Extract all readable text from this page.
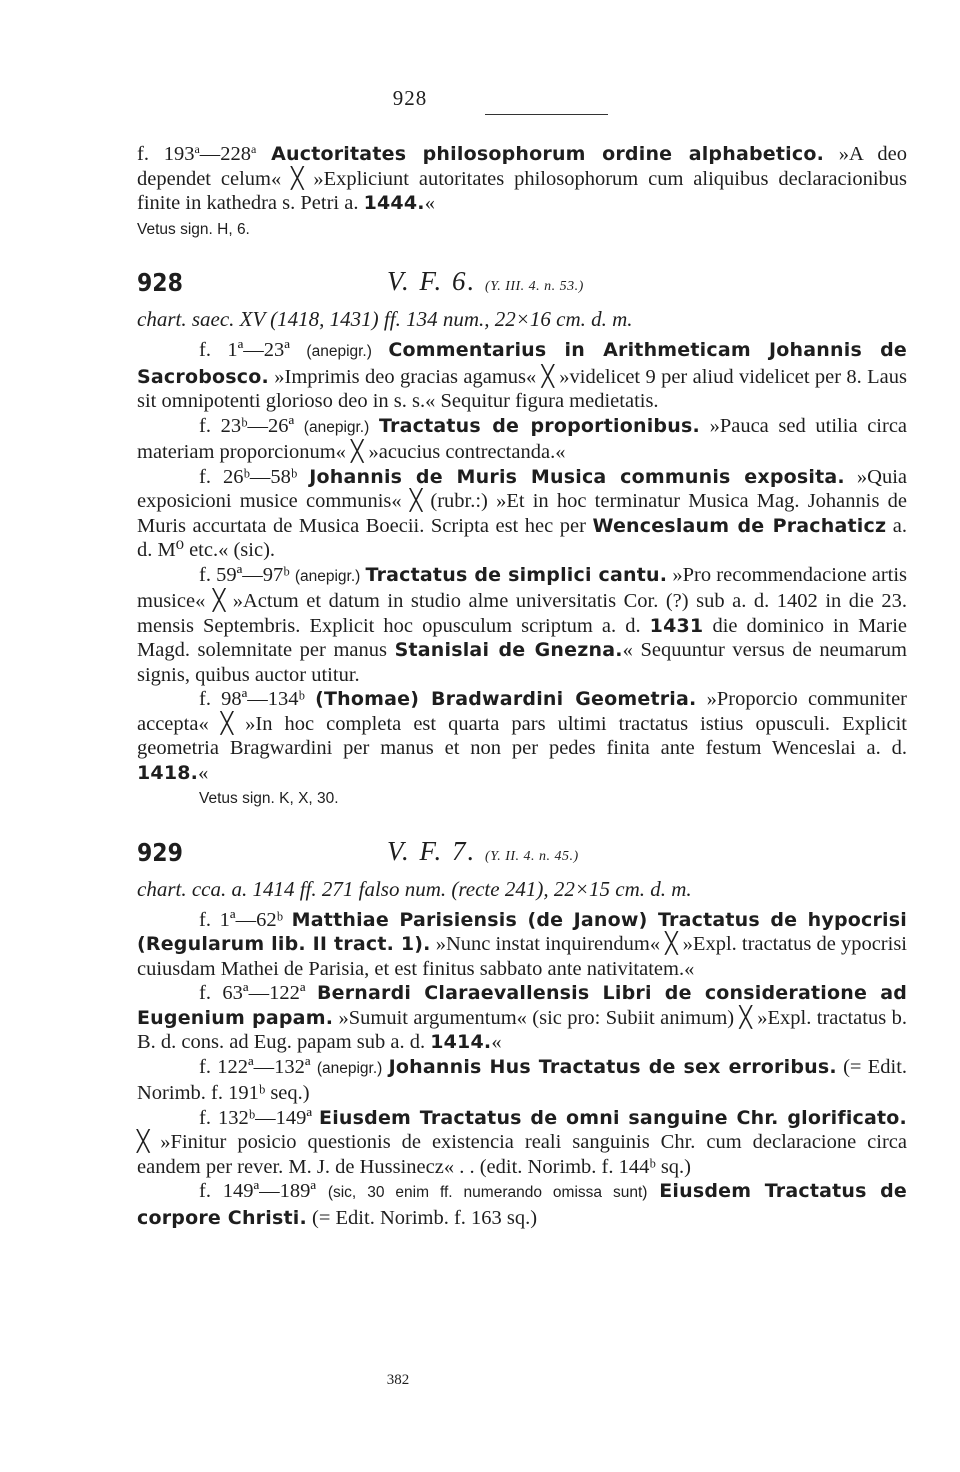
928

f. 193$^a$—228$^a$ Auctoritates philosophorum ordine alphabetico. »A deo dependet celum« ╳ »Expliciunt autoritates philosophorum cum aliquibus declaracionibus finite in kathedra s. Petri a. 1444.«

Vetus sign. H, 6.

928	V. F. 6. (Y. III. 4. n. 53.)

chart. saec. XV (1418, 1431) ff. 134 num., 22×16 cm. d. m.

f. 1ª—23ª (anepigr.) Commentarius in Arithmeticam Johannis de Sacrobosco. »Imprimis deo gracias agamus« ╳ »videlicet 9 per aliud videlicet per 8. Laus sit omnipotenti glorioso deo in s. s.« Sequitur figura medietatis.

f. 23ᵇ—26ª (anepigr.) Tractatus de proportionibus. »Pauca sed utilia circa materiam proporcionum« ╳ »acucius contrectanda.«

f. 26ᵇ—58ᵇ Johannis de Muris Musica communis exposita. »Quia exposicioni musice communis« ╳ (rubr.:) »Et in hoc terminatur Musica Mag. Johannis de Muris accurtata de Musica Boecii. Scripta est hec per Wenceslaum de Prachaticz a. d. M⁰ etc.« (sic).

f. 59ª—97ᵇ (anepigr.) Tractatus de simplici cantu. »Pro recommendacione artis musice« ╳ »Actum et datum in studio alme universitatis Cor. (?) sub a. d. 1402 in die 23. mensis Septembris. Explicit hoc opusculum scriptum a. d. 1431 die dominico in Marie Magd. solemnitate per manus Stanislai de Gnezna.« Sequuntur versus de neumarum signis, quibus auctor utitur.

f. 98ª—134ᵇ (Thomae) Bradwardini Geometria. »Proporcio communiter accepta« ╳ »In hoc completa est quarta pars ultimi tractatus istius opusculi. Explicit geometria Bragwardini per manus et non per pedes finita ante festum Wenceslai a. d. 1418.«

Vetus sign. K, X, 30.

929	V. F. 7. (Y. II. 4. n. 45.)

chart. cca. a. 1414 ff. 271 falso num. (recte 241), 22×15 cm. d. m.

f. 1ª—62ᵇ Matthiae Parisiensis (de Janow) Tractatus de hypocrisi (Regularum lib. II tract. 1). »Nunc instat inquirendum« ╳ »Expl. tractatus de ypocrisi cuiusdam Mathei de Parisia, et est finitus sabbato ante nativitatem.«

f. 63ª—122ª Bernardi Claraevallensis Libri de consideratione ad Eugenium papam. »Sumuit argumentum« (sic pro: Subiit animum) ╳ »Expl. tractatus b. B. d. cons. ad Eug. papam sub a. d. 1414.«

f. 122ª—132ª (anepigr.) Johannis Hus Tractatus de sex erroribus. (= Edit. Norimb. f. 191ᵇ seq.)

f. 132ᵇ—149ª Eiusdem Tractatus de omni sanguine Chr. glorificato. ╳ »Finitur posicio questionis de existencia reali sanguinis Chr. cum declaracione circa eandem per rever. M. J. de Hussinecz« . . (edit. Norimb. f. 144ᵇ sq.)

f. 149ª—189ª (sic, 30 enim ff. numerando omissa sunt) Eiusdem Tractatus de corpore Christi. (= Edit. Norimb. f. 163 sq.)

382
